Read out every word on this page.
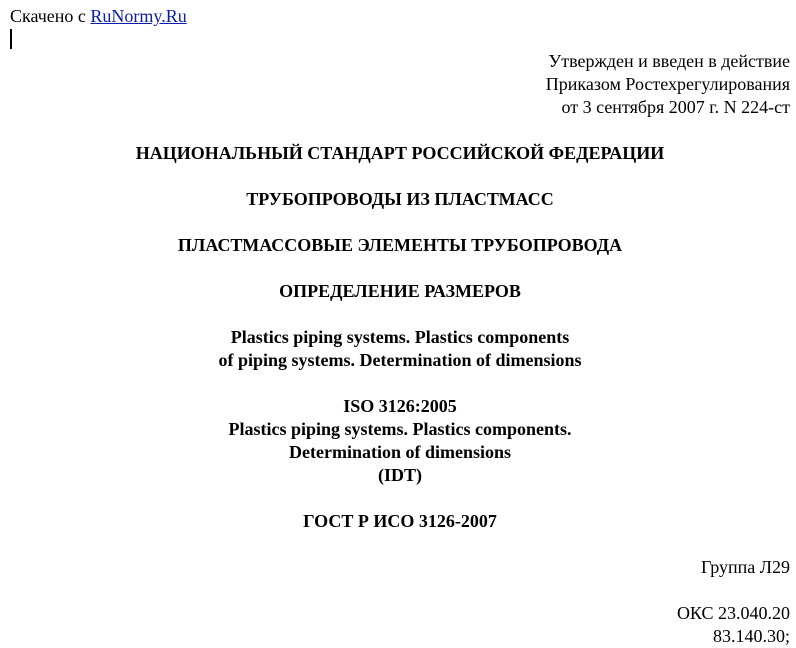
Скачено с RuNormy.Ru
Утвержден и введен в действие
Приказом Ростехрегулирования
от 3 сентября 2007 г. N 224-ст
НАЦИОНАЛЬНЫЙ СТАНДАРТ РОССИЙСКОЙ ФЕДЕРАЦИИ
ТРУБОПРОВОДЫ ИЗ ПЛАСТМАСС
ПЛАСТМАССОВЫЕ ЭЛЕМЕНТЫ ТРУБОПРОВОДА
ОПРЕДЕЛЕНИЕ РАЗМЕРОВ
Plastics piping systems. Plastics components
of piping systems. Determination of dimensions
ISO 3126:2005
Plastics piping systems. Plastics components.
Determination of dimensions
(IDT)
ГОСТ Р ИСО 3126-2007
Группа Л29
ОКС 23.040.20
83.140.30;
